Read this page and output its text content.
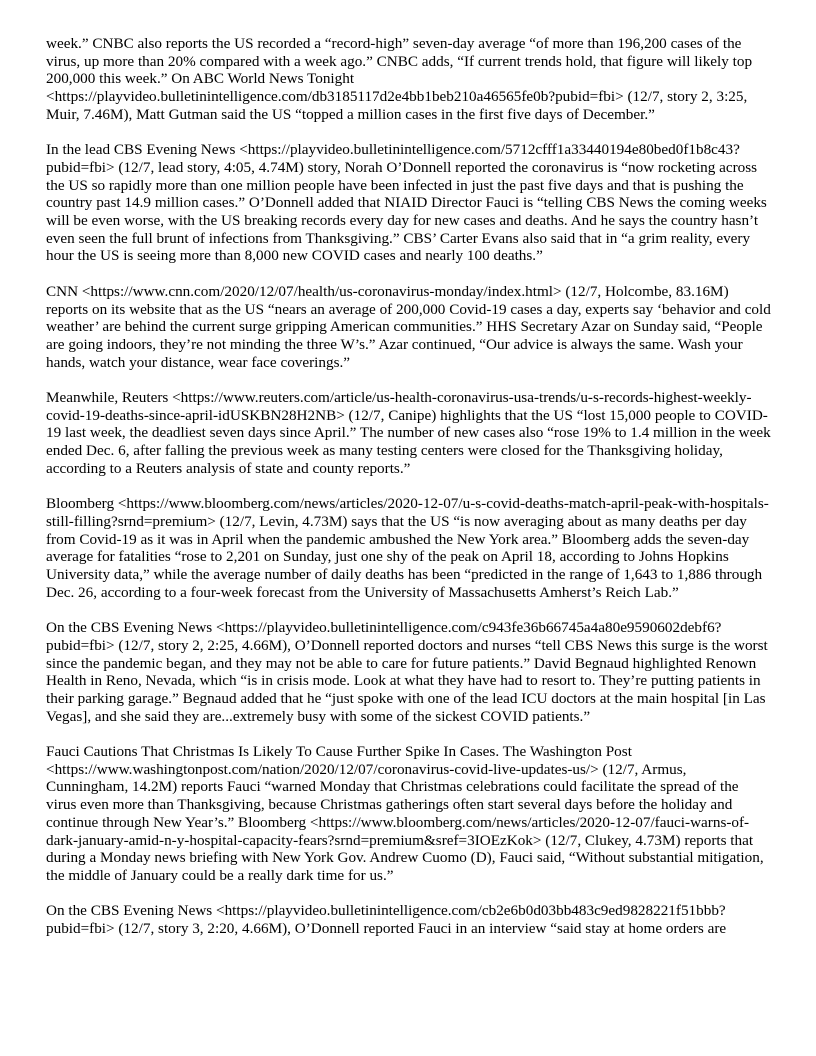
week.” CNBC also reports the US recorded a “record-high” seven-day average “of more than 196,200 cases of the virus, up more than 20% compared with a week ago.” CNBC adds, “If current trends hold, that figure will likely top 200,000 this week.” On ABC World News Tonight <https://playvideo.bulletinintelligence.com/db3185117d2e4bb1beb210a46565fe0b?pubid=fbi> (12/7, story 2, 3:25, Muir, 7.46M), Matt Gutman said the US “topped a million cases in the first five days of December.”

In the lead CBS Evening News <https://playvideo.bulletinintelligence.com/5712cfff1a33440194e80bed0f1b8c43?pubid=fbi> (12/7, lead story, 4:05, 4.74M) story, Norah O’Donnell reported the coronavirus is “now rocketing across the US so rapidly more than one million people have been infected in just the past five days and that is pushing the country past 14.9 million cases.” O’Donnell added that NIAID Director Fauci is “telling CBS News the coming weeks will be even worse, with the US breaking records every day for new cases and deaths. And he says the country hasn’t even seen the full brunt of infections from Thanksgiving.” CBS’ Carter Evans also said that in “a grim reality, every hour the US is seeing more than 8,000 new COVID cases and nearly 100 deaths.”

CNN <https://www.cnn.com/2020/12/07/health/us-coronavirus-monday/index.html> (12/7, Holcombe, 83.16M) reports on its website that as the US “nears an average of 200,000 Covid-19 cases a day, experts say ‘behavior and cold weather’ are behind the current surge gripping American communities.” HHS Secretary Azar on Sunday said, “People are going indoors, they’re not minding the three W’s.” Azar continued, “Our advice is always the same. Wash your hands, watch your distance, wear face coverings.”

Meanwhile, Reuters <https://www.reuters.com/article/us-health-coronavirus-usa-trends/u-s-records-highest-weekly-covid-19-deaths-since-april-idUSKBN28H2NB> (12/7, Canipe) highlights that the US “lost 15,000 people to COVID-19 last week, the deadliest seven days since April.” The number of new cases also “rose 19% to 1.4 million in the week ended Dec. 6, after falling the previous week as many testing centers were closed for the Thanksgiving holiday, according to a Reuters analysis of state and county reports.”

Bloomberg <https://www.bloomberg.com/news/articles/2020-12-07/u-s-covid-deaths-match-april-peak-with-hospitals-still-filling?srnd=premium> (12/7, Levin, 4.73M) says that the US “is now averaging about as many deaths per day from Covid-19 as it was in April when the pandemic ambushed the New York area.” Bloomberg adds the seven-day average for fatalities “rose to 2,201 on Sunday, just one shy of the peak on April 18, according to Johns Hopkins University data,” while the average number of daily deaths has been “predicted in the range of 1,643 to 1,886 through Dec. 26, according to a four-week forecast from the University of Massachusetts Amherst’s Reich Lab.”

On the CBS Evening News <https://playvideo.bulletinintelligence.com/c943fe36b66745a4a80e9590602debf6?pubid=fbi> (12/7, story 2, 2:25, 4.66M), O’Donnell reported doctors and nurses “tell CBS News this surge is the worst since the pandemic began, and they may not be able to care for future patients.” David Begnaud highlighted Renown Health in Reno, Nevada, which “is in crisis mode. Look at what they have had to resort to. They’re putting patients in their parking garage.” Begnaud added that he “just spoke with one of the lead ICU doctors at the main hospital [in Las Vegas], and she said they are...extremely busy with some of the sickest COVID patients.”

Fauci Cautions That Christmas Is Likely To Cause Further Spike In Cases. The Washington Post <https://www.washingtonpost.com/nation/2020/12/07/coronavirus-covid-live-updates-us/> (12/7, Armus, Cunningham, 14.2M) reports Fauci “warned Monday that Christmas celebrations could facilitate the spread of the virus even more than Thanksgiving, because Christmas gatherings often start several days before the holiday and continue through New Year’s.” Bloomberg <https://www.bloomberg.com/news/articles/2020-12-07/fauci-warns-of-dark-january-amid-n-y-hospital-capacity-fears?srnd=premium&sref=3IOEzKok> (12/7, Clukey, 4.73M) reports that during a Monday news briefing with New York Gov. Andrew Cuomo (D), Fauci said, “Without substantial mitigation, the middle of January could be a really dark time for us.”

On the CBS Evening News <https://playvideo.bulletinintelligence.com/cb2e6b0d03bb483c9ed9828221f51bbb?pubid=fbi> (12/7, story 3, 2:20, 4.66M), O’Donnell reported Fauci in an interview “said stay at home orders are
